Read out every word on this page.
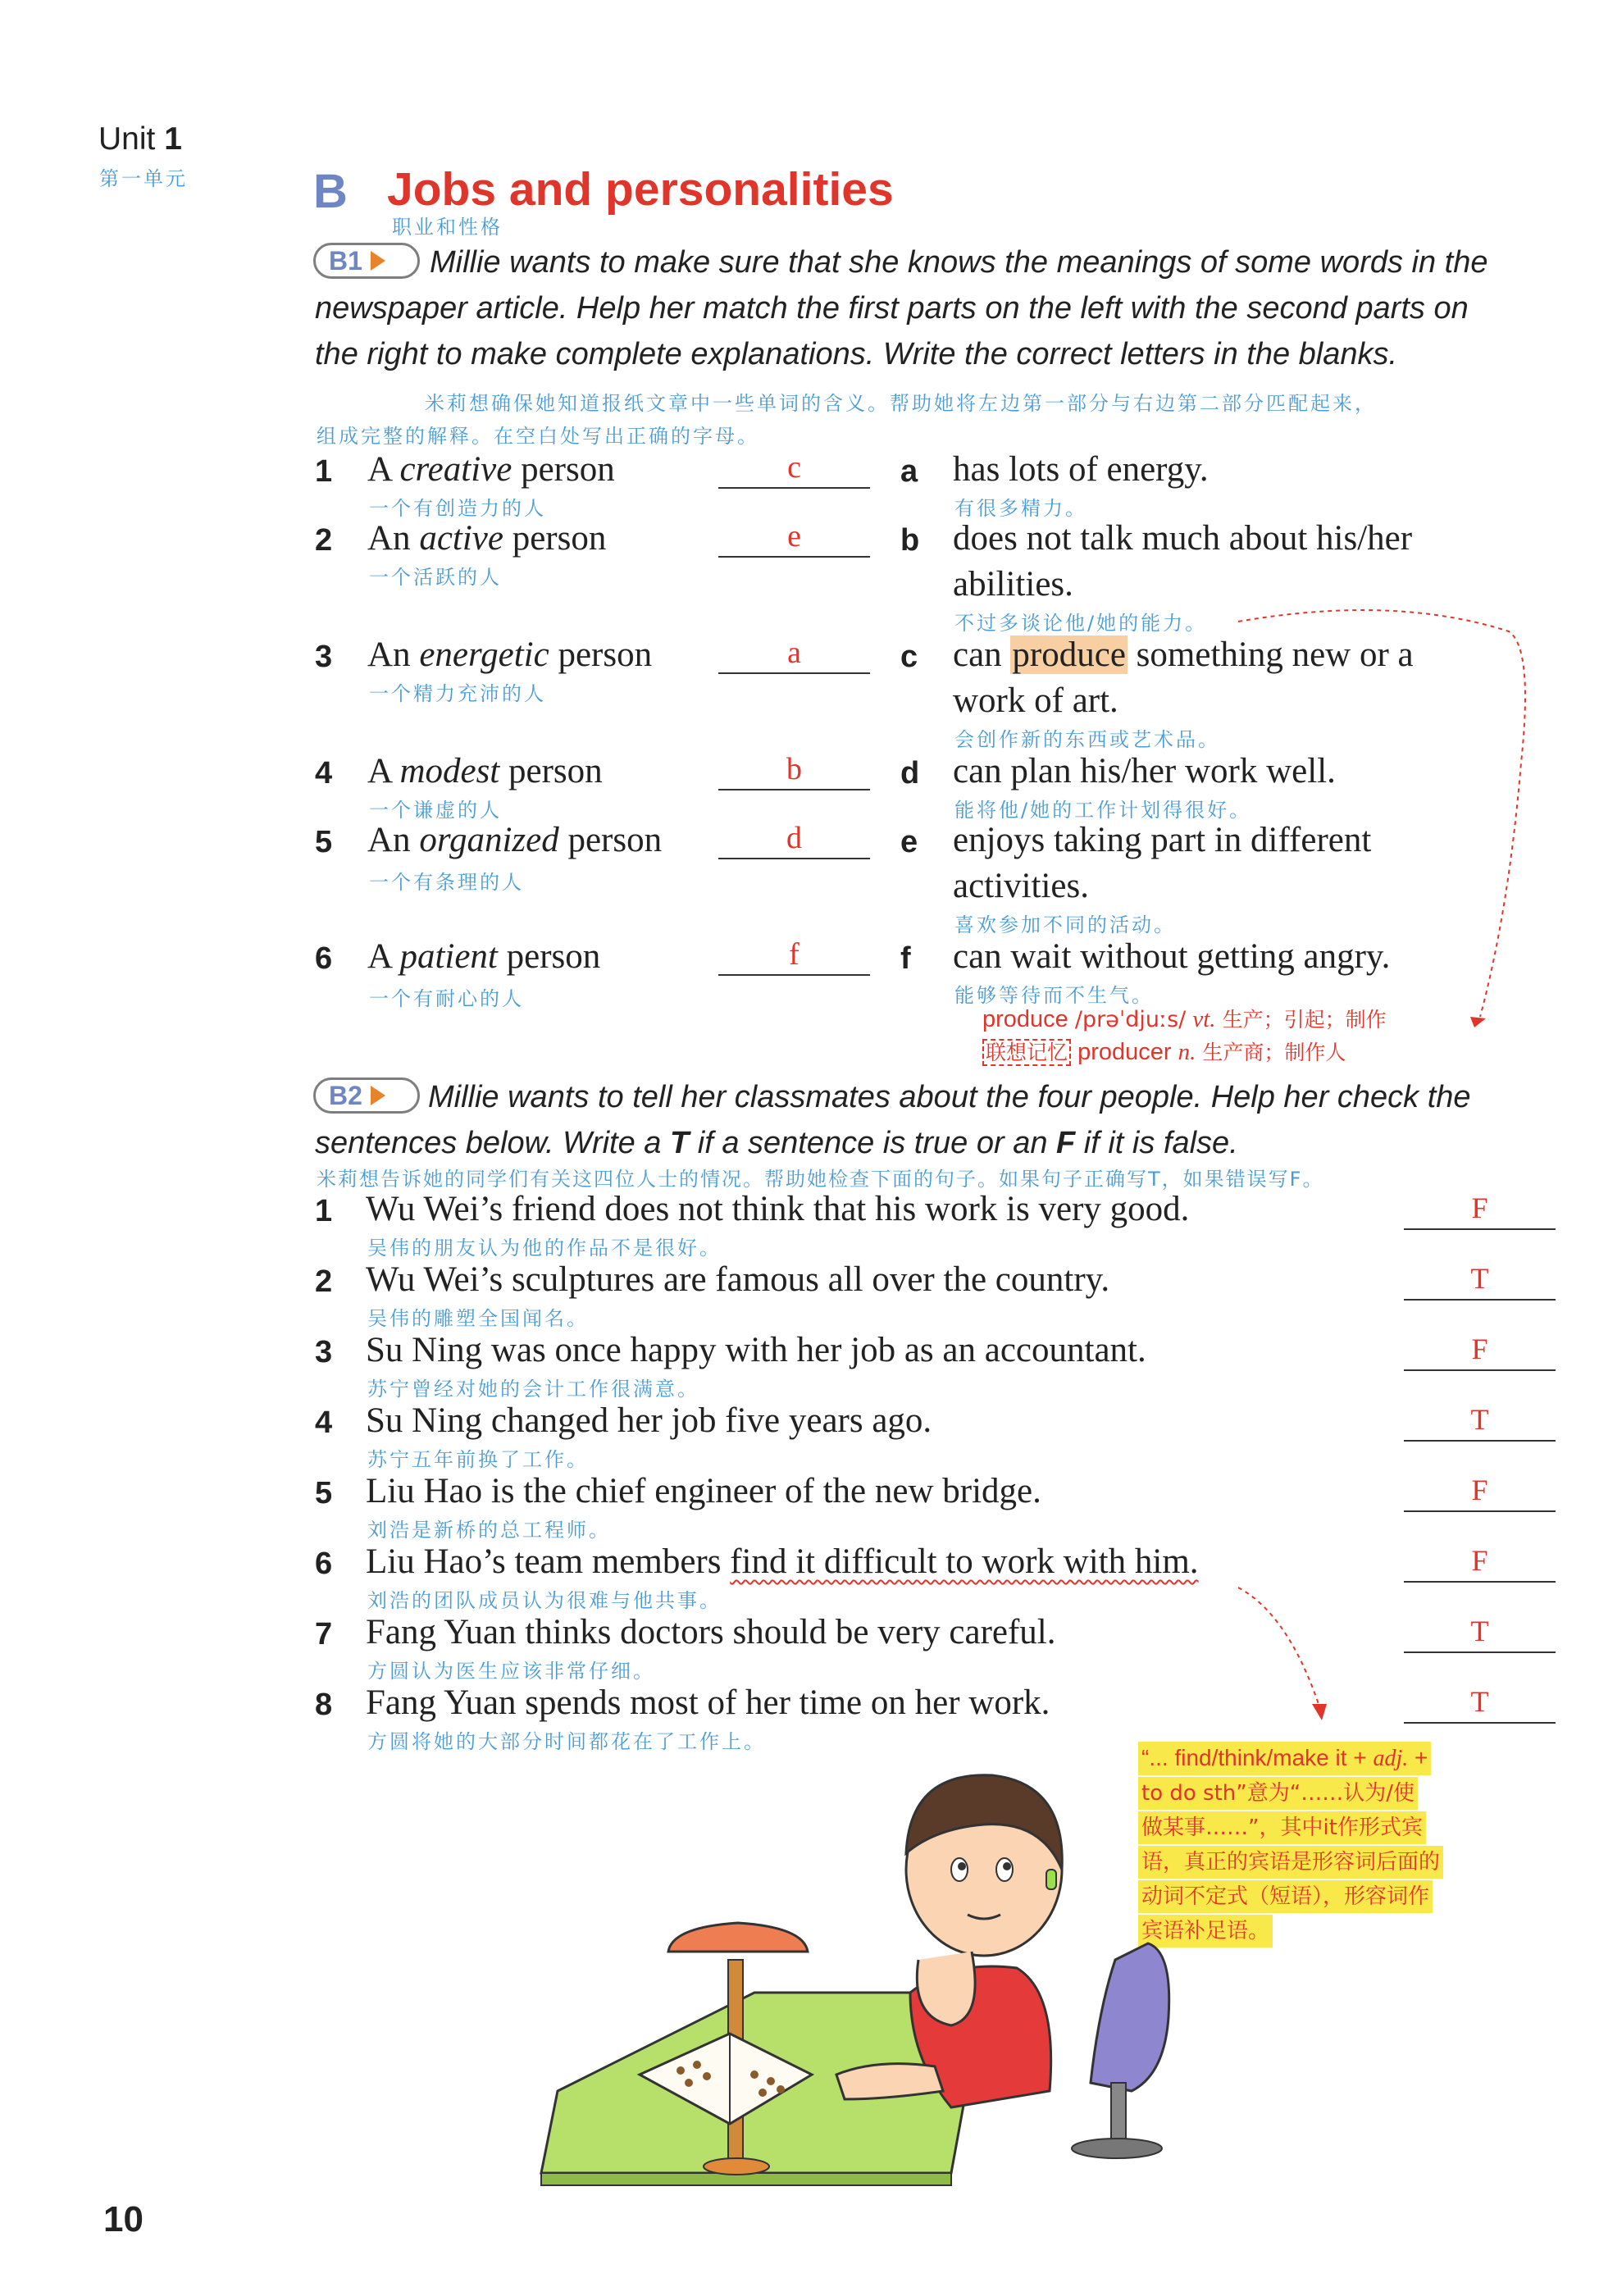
Unit 1
第一单元	B Jobs and personalities
职业和性格
B1	Millie wants to make sure that she knows the meanings of some words in the newspaper article. Help her match the first parts on the left with the second parts on the right to make complete explanations. Write the correct letters in the blanks.
米莉想确保她知道报纸文章中一些单词的含义。帮助她将左边第一部分与右边第二部分匹配起来，
组成完整的解释。在空白处写出正确的字母。
1 A creative person
一个有创造力的人
2 An active person
一个活跃的人
3 An energetic person
一个精力充沛的人
4 A modest person
一个谦虚的人
5 An organized person
一个有条理的人
6 A patient person
一个有耐心的人
c
e
a
b
d
f
a has lots of energy.
有很多精力。
b does not talk much about his/her
abilities.
不过多谈论他/她的能力。
c can produce something new or a
work of art.
会创作新的东西或艺术品。
d can plan his/her work well.
能将他/她的工作计划得很好。
e enjoys taking part in different
activities.
喜欢参加不同的活动。
f can wait without getting angry.
能够等待而不生气。
produce /prəˈdjuːs/ vt. 生产；引起；制作
联想记忆 producer n. 生产商；制作人
B2 Millie wants to tell her classmates about the four people. Help her check the
sentences below. Write a T if a sentence is true or an F if it is false.
米莉想告诉她的同学们有关这四位人士的情况。帮助她检查下面的句子。如果句子正确写T，如果错误写F。
1 Wu Wei’s friend does not think that his work is very good.
吴伟的朋友认为他的作品不是很好。
2 Wu Wei’s sculptures are famous all over the country.
吴伟的雕塑全国闻名。
3 Su Ning was once happy with her job as an accountant.
苏宁曾经对她的会计工作很满意。
4 Su Ning changed her job five years ago.
苏宁五年前换了工作。
5 Liu Hao is the chief engineer of the new bridge.
刘浩是新桥的总工程师。
6 Liu Hao’s team members find it difficult to work with him.
刘浩的团队成员认为很难与他共事。
7 Fang Yuan thinks doctors should be very careful.
方圆认为医生应该非常仔细。
8 Fang Yuan spends most of her time on her work.
方圆将她的大部分时间都花在了工作上。
F
T
F
T
F
F
T
T
“... find/think/make it + adj. +
to do sth”意为“……认为/使
做某事……”，其中it作形式宾
语，真正的宾语是形容词后面的
动词不定式（短语），形容词作
宾语补足语。
10
